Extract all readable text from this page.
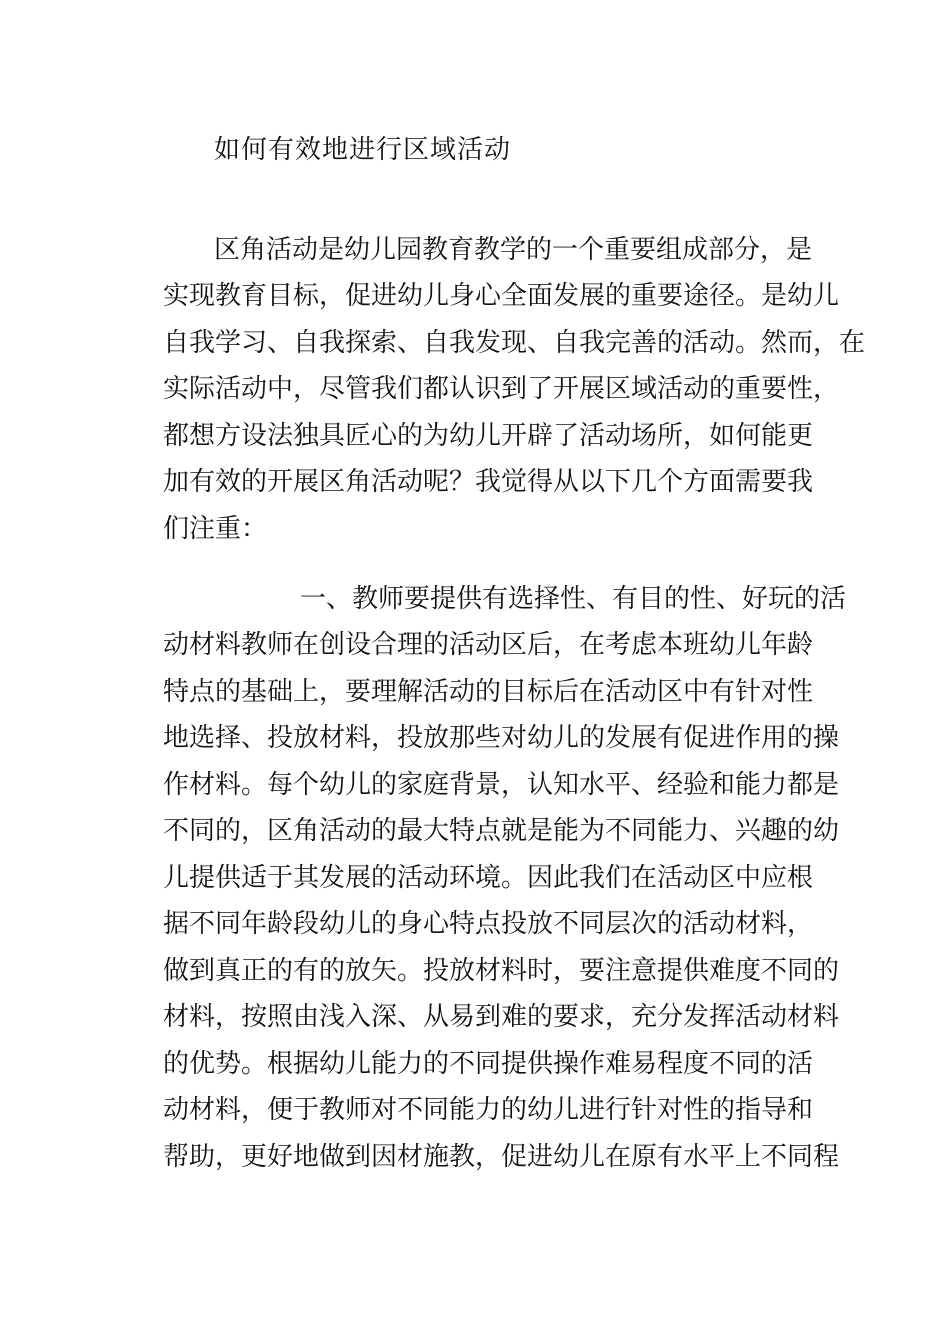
如何有效地进行区域活动
区角活动是幼儿园教育教学的一个重要组成部分，是
实现教育目标，促进幼儿身心全面发展的重要途径。是幼儿
自我学习、自我探索、自我发现、自我完善的活动。然而，在
实际活动中，尽管我们都认识到了开展区域活动的重要性，
都想方设法独具匠心的为幼儿开辟了活动场所，如何能更
加有效的开展区角活动呢？我觉得从以下几个方面需要我
们注重：
一、教师要提供有选择性、有目的性、好玩的活
动材料教师在创设合理的活动区后，在考虑本班幼儿年龄
特点的基础上，要理解活动的目标后在活动区中有针对性
地选择、投放材料，投放那些对幼儿的发展有促进作用的操
作材料。每个幼儿的家庭背景，认知水平、经验和能力都是
不同的，区角活动的最大特点就是能为不同能力、兴趣的幼
儿提供适于其发展的活动环境。因此我们在活动区中应根
据不同年龄段幼儿的身心特点投放不同层次的活动材料，
做到真正的有的放矢。投放材料时，要注意提供难度不同的
材料，按照由浅入深、从易到难的要求，充分发挥活动材料
的优势。根据幼儿能力的不同提供操作难易程度不同的活
动材料，便于教师对不同能力的幼儿进行针对性的指导和
帮助，更好地做到因材施教，促进幼儿在原有水平上不同程
